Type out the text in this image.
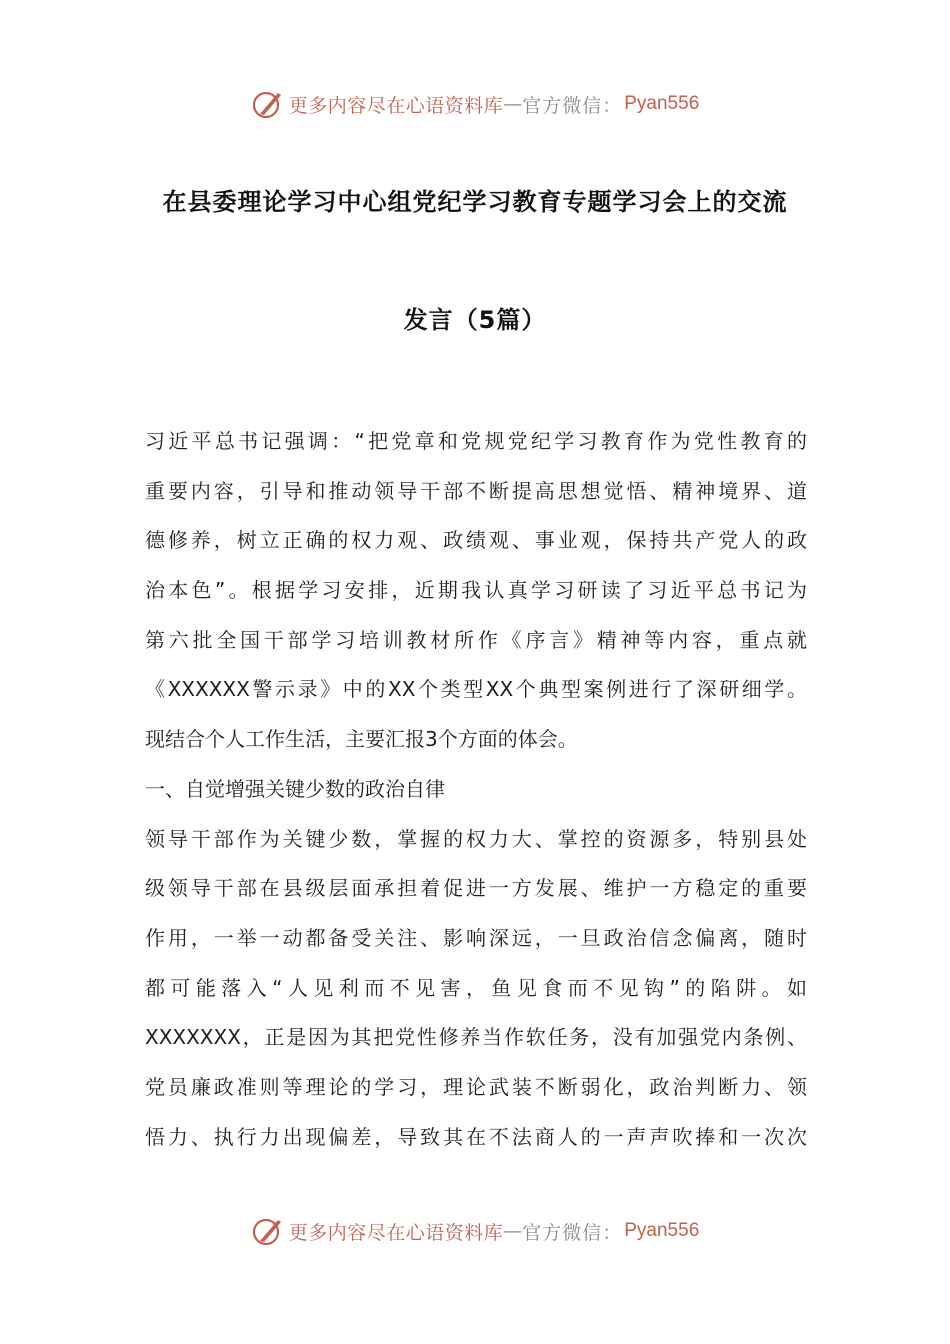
更多内容尽在心语资料库 — 官方微信： Pyan556
在县委理论学习中心组党纪学习教育专题学习会上的交流
发言（5篇）
习近平总书记强调：“把党章和党规党纪学习教育作为党性教育的
重要内容，引导和推动领导干部不断提高思想觉悟、精神境界、道
德修养，树立正确的权力观、政绩观、事业观，保持共产党人的政
治本色”。根据学习安排，近期我认真学习研读了习近平总书记为
第六批全国干部学习培训教材所作《序言》精神等内容，重点就
《XXXXXX警示录》中的XX个类型XX个典型案例进行了深研细学。
现结合个人工作生活，主要汇报3个方面的体会。
一、自觉增强关键少数的政治自律
领导干部作为关键少数，掌握的权力大、掌控的资源多，特别县处
级领导干部在县级层面承担着促进一方发展、维护一方稳定的重要
作用，一举一动都备受关注、影响深远，一旦政治信念偏离，随时
都可能落入“人见利而不见害，鱼见食而不见钩”的陷阱。如
XXXXXXX，正是因为其把党性修养当作软任务，没有加强党内条例、
党员廉政准则等理论的学习，理论武装不断弱化，政治判断力、领
悟力、执行力出现偏差，导致其在不法商人的一声声吹捧和一次次
更多内容尽在心语资料库 — 官方微信： Pyan556
